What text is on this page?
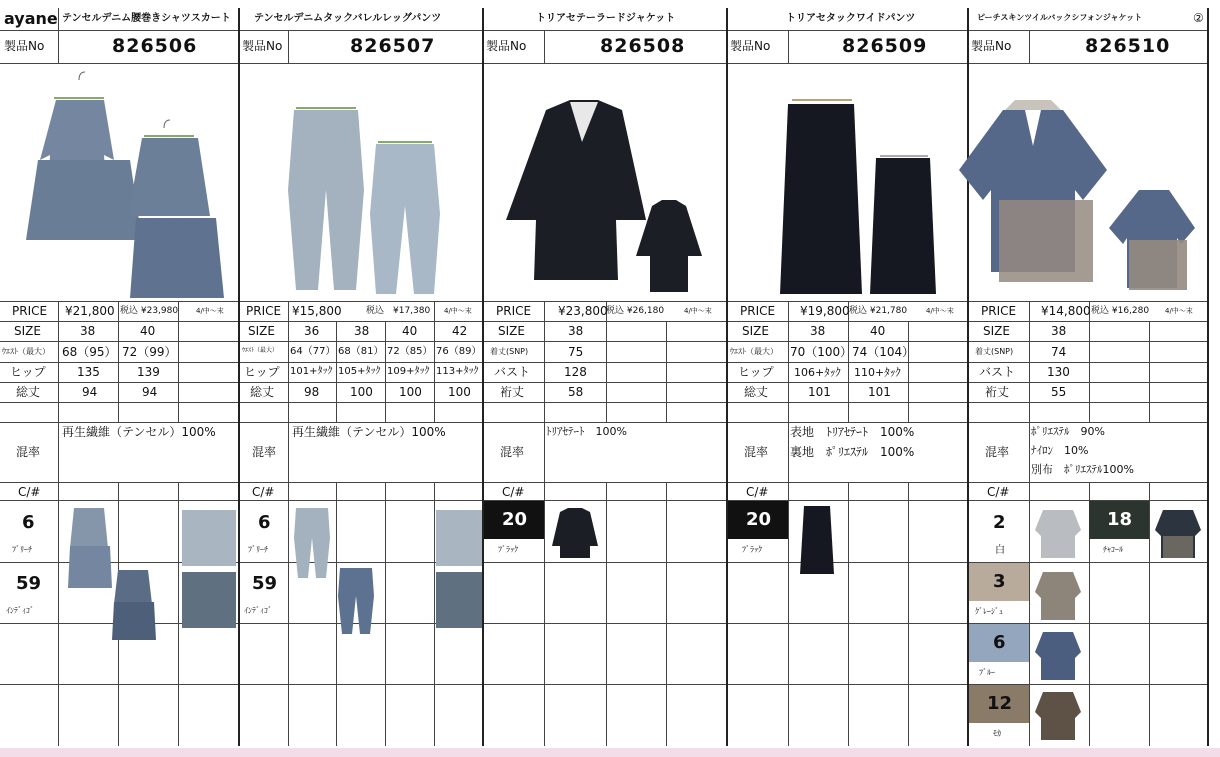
ayane テンセルデニム腰巻きシャツスカート
製品No	826506
PRICE ¥21,800 税込 ¥23,980	4/中～末
SIZE	38	40
ｳｴｽﾄ（最大） 68（95） 72（99）
ヒップ	135	139
総丈	94	94
混率
再生繊維（テンセル）100%
C/#
6
ﾌﾞﾘｰﾁ
59
ｲﾝﾃﾞｨｺﾞ
テンセルデニムタックバレルレッグパンツ
製品No	826507
PRICE ¥15,800	税込　¥17,380 4/中～末
SIZE 36	38	40	42
ｳｴｽﾄ（最大） 64（77） 68（81） 72（85） 76（89）
ヒップ 101+ﾀｯｸ 105+ﾀｯｸ 109+ﾀｯｸ 113+ﾀｯｸ
総丈 98	100 100 100
混率
再生繊維（テンセル）100%
C/#
6
ﾌﾞﾘｰﾁ
59
ｲﾝﾃﾞｨｺﾞ
トリアセテーラードジャケット
製品No	826508
PRICE ¥23,800
税込 ¥26,180	4/中～末
SIZE	38
着丈(SNP)	75
バスト	128
裄丈	58
混率
ﾄﾘｱｾﾃｰﾄ　100%
C/#
20
ﾌﾞﾗｯｸ
トリアセタックワイドパンツ
製品No	826509
PRICE ¥19,800 税込 ¥21,780	4/中～末
SIZE	38	40
ｳｴｽﾄ（最大） 70（100） 74（104）
ヒップ 106+ﾀｯｸ 110+ﾀｯｸ
総丈	101	101
混率
表地　ﾄﾘｱｾﾃｰﾄ　100%
裏地　ﾎﾟﾘｴｽﾃﾙ　100%
C/#
20
ﾌﾞﾗｯｸ
ピーチスキンツイルバックシフォンジャケット	②
製品No	826510
PRICE ¥14,800 税込 ¥16,280 4/中～末
SIZE	38
着丈(SNP)	74
バスト	130
裄丈	55
混率
ﾎﾟﾘｴｽﾃﾙ　90%
ﾅｲﾛﾝ　10%
別布　ﾎﾟﾘｴｽﾃﾙ100%
C/#
2
白
18
ﾁｬｺｰﾙ
3
ｸﾞﾚｰｼﾞｭ
6
ﾌﾞﾙｰ
12
ﾓｶ
